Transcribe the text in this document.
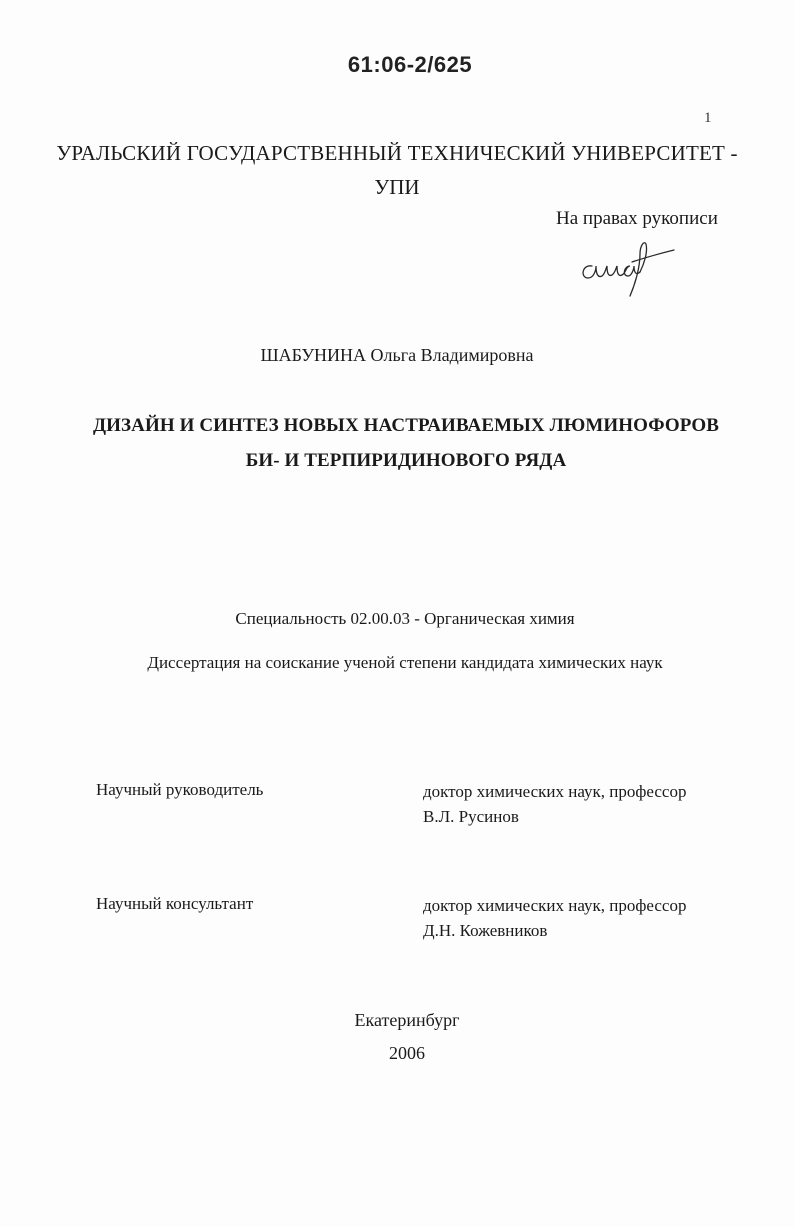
61:06-2/625
1
УРАЛЬСКИЙ ГОСУДАРСТВЕННЫЙ ТЕХНИЧЕСКИЙ УНИВЕРСИТЕТ -
УПИ
На правах рукописи
ШАБУНИНА Ольга Владимировна
ДИЗАЙН И СИНТЕЗ НОВЫХ НАСТРАИВАЕМЫХ ЛЮМИНОФОРОВ
БИ- И ТЕРПИРИДИНОВОГО РЯДА
Специальность 02.00.03 - Органическая химия
Диссертация на соискание ученой степени кандидата химических наук
Научный руководитель	доктор химических наук, профессор
В.Л. Русинов
Научный консультант	доктор химических наук, профессор
Д.Н. Кожевников
Екатеринбург
2006
